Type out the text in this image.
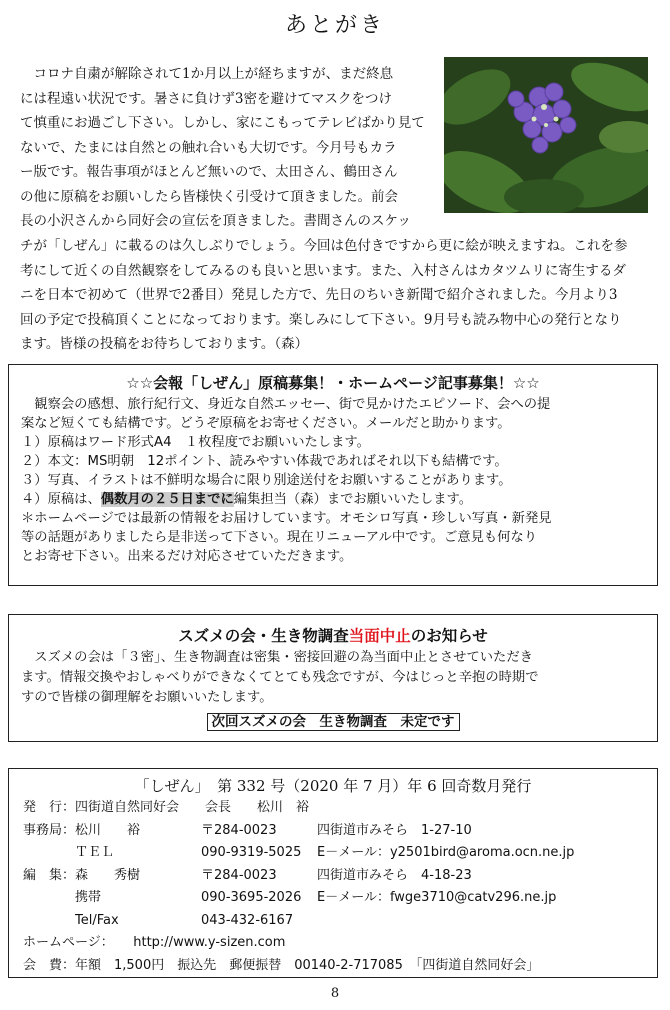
あとがき

　コロナ自粛が解除されて1か月以上が経ちますが、まだ終息

には程遠い状況です。暑さに負けず3密を避けてマスクをつけ

て慎重にお過ごし下さい。しかし、家にこもってテレビばかり見て

ないで、たまには自然との触れ合いも大切です。今月号もカラ

ー版です。報告事項がほとんど無いので、太田さん、鶴田さん

の他に原稿をお願いしたら皆様快く引受けて頂きました。前会

長の小沢さんから同好会の宣伝を頂きました。書間さんのスケッ

チが「しぜん」に載るのは久しぶりでしょう。今回は色付きですから更に絵が映えますね。これを参

考にして近くの自然観察をしてみるのも良いと思います。また、入村さんはカタツムリに寄生するダ

ニを日本で初めて（世界で2番目）発見した方で、先日のちいき新聞で紹介されました。今月より3

回の予定で投稿頂くことになっております。楽しみにして下さい。9月号も読み物中心の発行となり

ます。皆様の投稿をお待ちしております。（森）

☆☆会報「しぜん」原稿募集！・ホームページ記事募集！☆☆

　観察会の感想、旅行紀行文、身近な自然エッセー、街で見かけたエピソード、会への提

案など短くても結構です。どうぞ原稿をお寄せください。メールだと助かります。

１）原稿はワード形式A4　１枚程度でお願いいたします。

２）本文：MS明朝　12ポイント、読みやすい体裁であればそれ以下も結構です。

３）写真、イラストは不鮮明な場合に限り別途送付をお願いすることがあります。

４）原稿は、偶数月の２５日までに編集担当（森）までお願いいたします。

＊ホームページでは最新の情報をお届けしています。オモシロ写真・珍しい写真・新発見

等の話題がありましたら是非送って下さい。現在リニューアル中です。ご意見も何なり

とお寄せ下さい。出来るだけ対応させていただきます。

スズメの会・生き物調査当面中止のお知らせ

　スズメの会は「３密」、生き物調査は密集・密接回避の為当面中止とさせていただき

ます。情報交換やおしゃべりができなくてとても残念ですが、今はじっと辛抱の時期で

すので皆様の御理解をお願いいたします。

次回スズメの会　生き物調査　未定です
「しぜん」　第 332 号（2020 年 7 月）年 6 回奇数月発行
発　行：四街道自然同好会　　会長　　松川　裕
事務局：松川　　裕	〒284-0023	四街道市みそら　1-27-10
　　　　ＴＥＬ	090-9319-5025 E－メール：y2501bird@aroma.ocn.ne.jp
編　集：森　　秀樹	〒284-0023	四街道市みそら　4-18-23
　　　　携帯	090-3695-2026 E－メール：fwge3710@catv296.ne.jp
　　　　Tel/Fax	043-432-6167
ホームページ：　　http://www.y-sizen.com
会　費：年額　1,500円　振込先　郵便振替　00140-2-717085　「四街道自然同好会」
8
